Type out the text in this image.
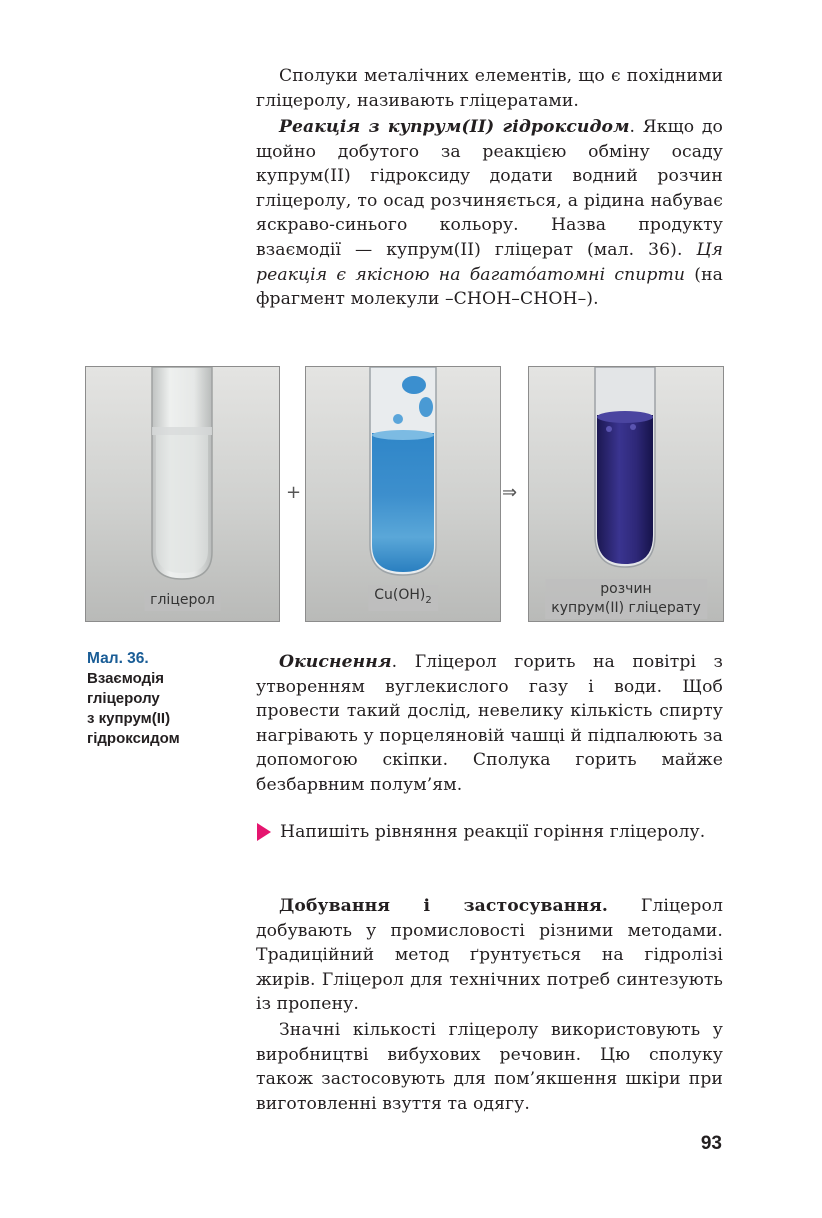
Сполуки металічних елементів, що є похідними гліцеролу, називають гліцератами.

Реакція з купрум(ІІ) гідроксидом. Якщо до щойно добутого за реакцією обміну осаду купрум(ІІ) гідроксиду додати водний розчин гліцеролу, то осад розчиняється, а рідина набуває яскраво-синього кольору. Назва продукту взаємодії — купрум(ІІ) гліцерат (мал. 36). Ця реакція є якісною на багато́атомні спирти (на фрагмент молекули –СНОН–СНОН–).

гліцерол
+
$Cu(OH)_2$
⇒
розчин
купрум(ІІ) гліцерату
Мал. 36.
Взаємодія
гліцеролу
з купрум(ІІ)
гідроксидом

Окиснення. Гліцерол горить на повітрі з утворенням вуглекислого газу і води. Щоб провести такий дослід, невелику кількість спирту нагрівають у порцеляновій чашці й підпалюють за допомогою скіпки. Сполука горить майже безбарвним полум’ям.

Напишіть рівняння реакції горіння гліцеролу.

Добування і застосування. Гліцерол добувають у промисловості різними методами. Традиційний метод ґрунтується на гідролізі жирів. Гліцерол для технічних потреб синтезують із пропену.

Значні кількості гліцеролу використовують у виробництві вибухових речовин. Цю сполуку також застосовують для пом’якшення шкіри при виготовленні взуття та одягу.

93
